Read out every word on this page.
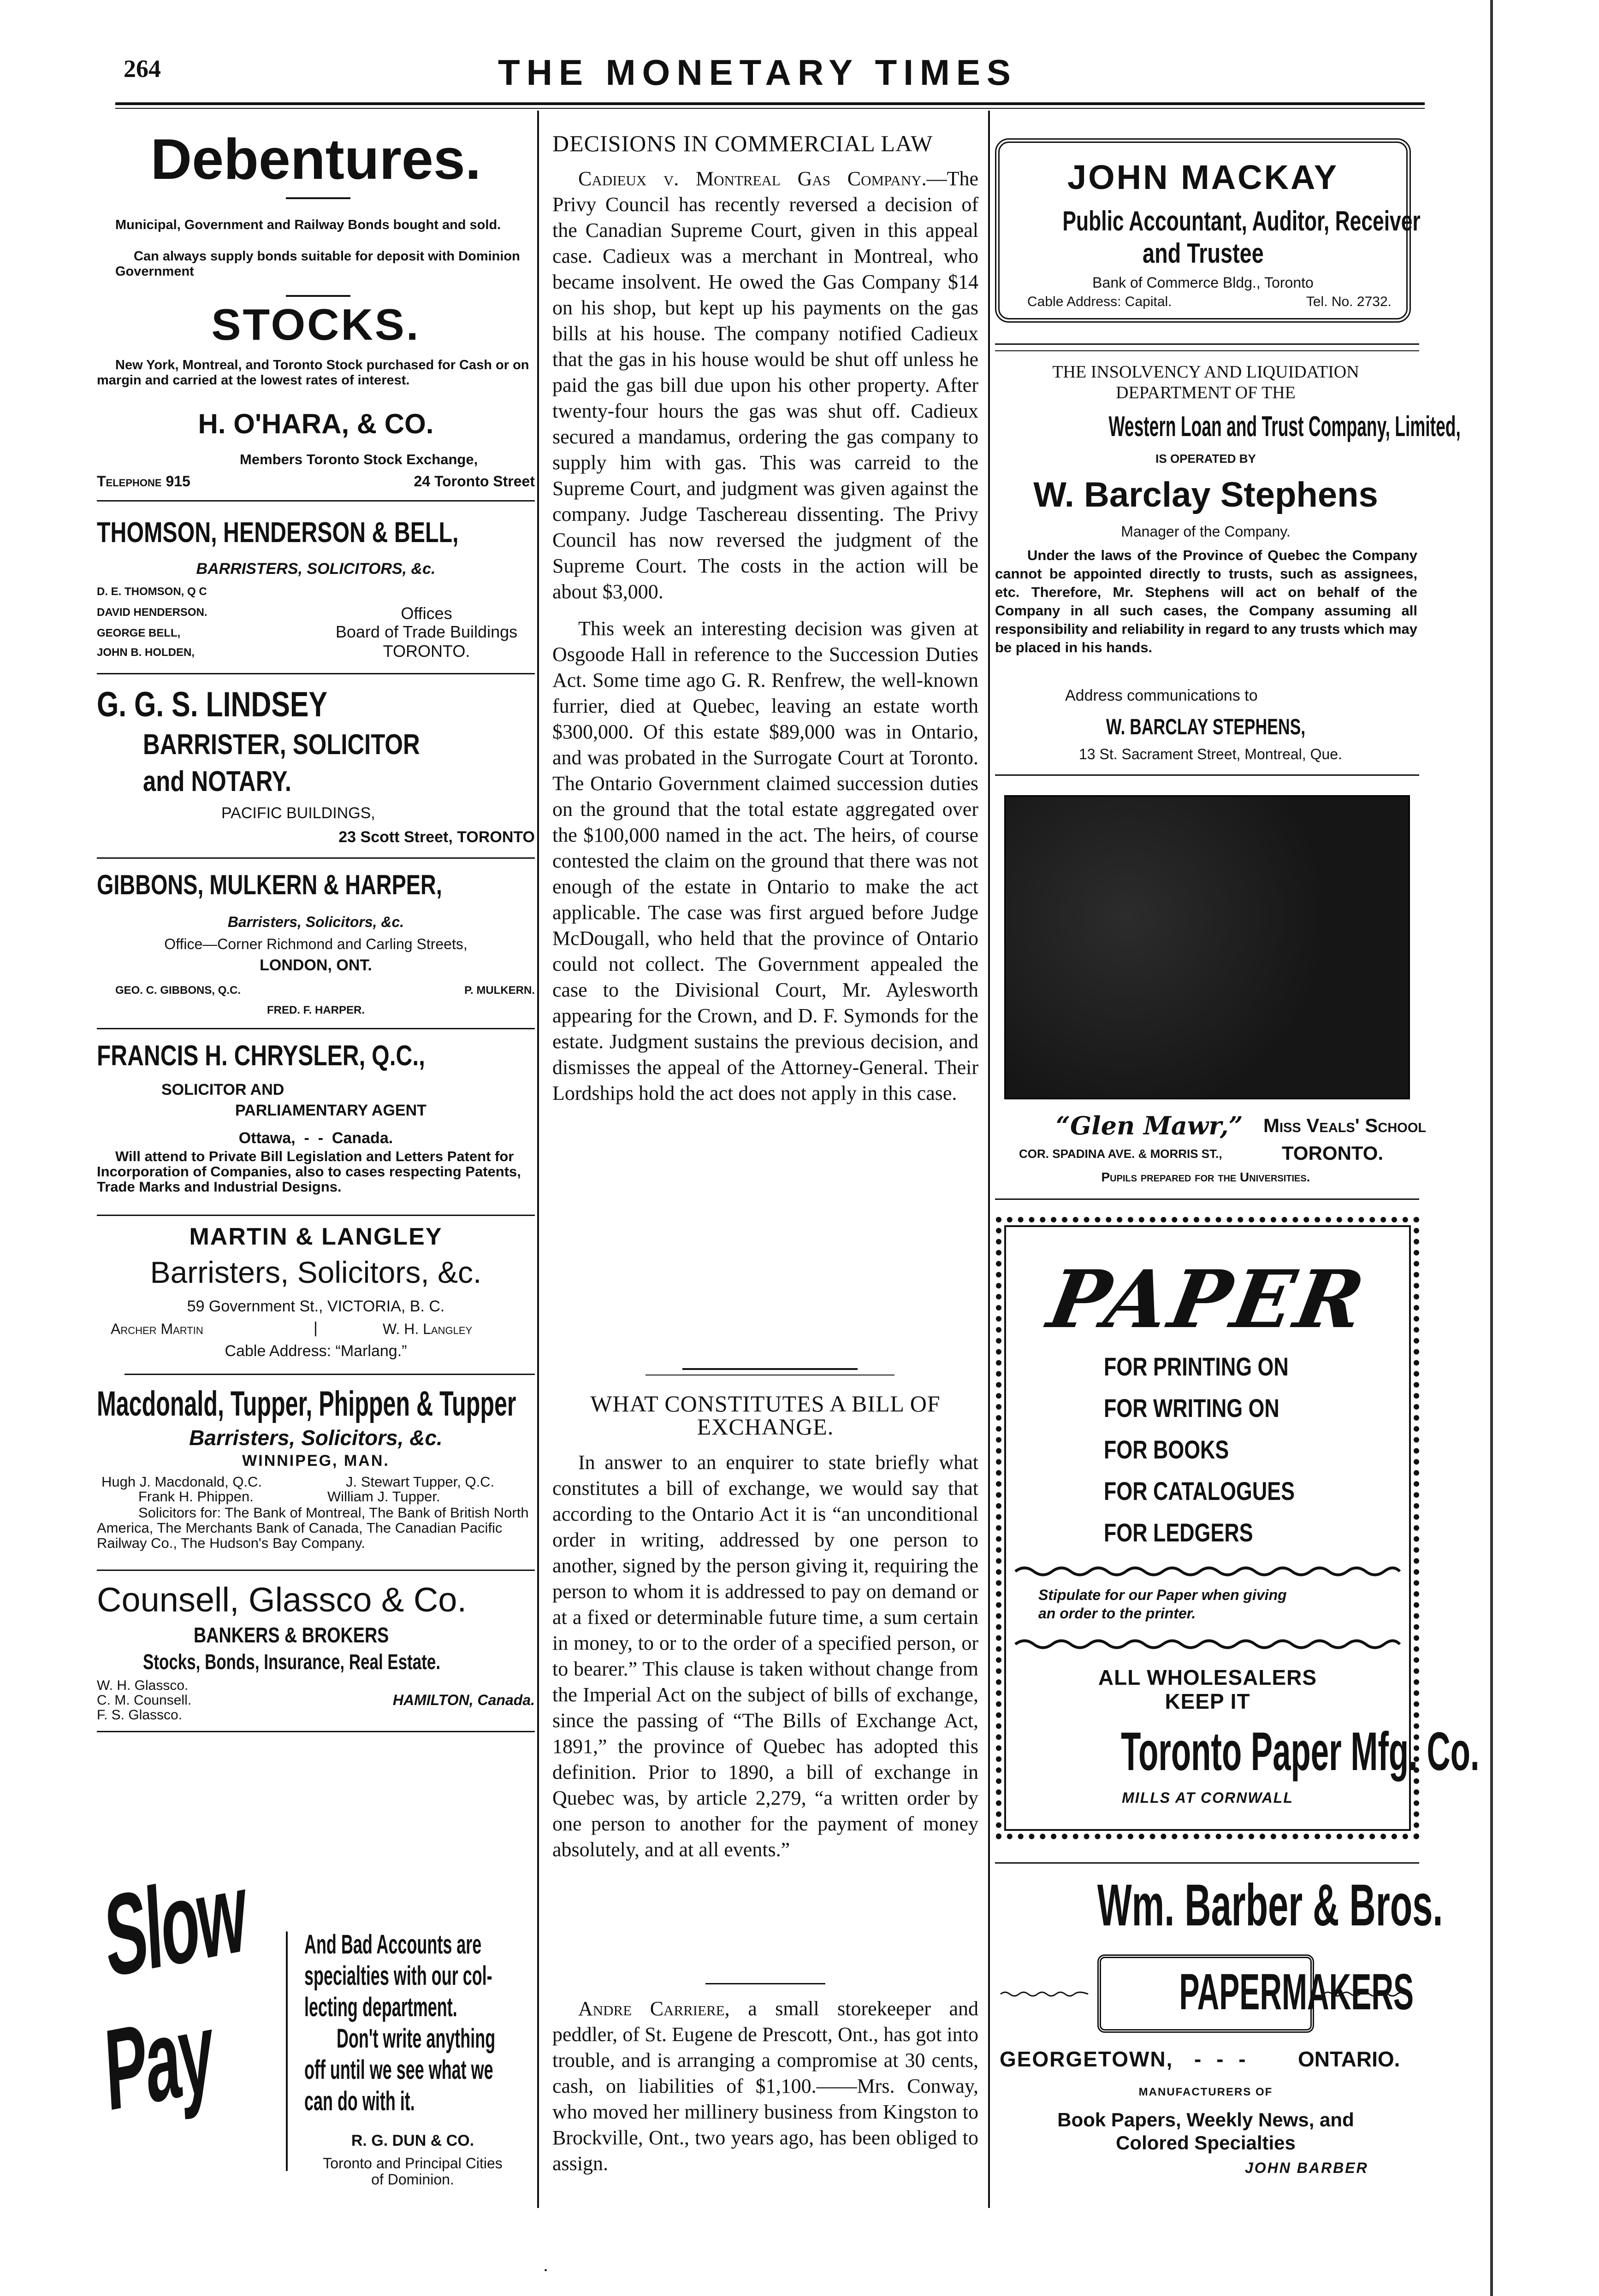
264	THE MONETARY TIMES
Debentures.
Municipal, Government and Railway Bonds bought and sold.
Can always supply bonds suitable for deposit with Dominion Government
STOCKS.
New York, Montreal, and Toronto Stock purchased for Cash or on margin and carried at the lowest rates of interest.
H. O'HARA, & CO.
Members Toronto Stock Exchange,
Telephone 915	24 Toronto Street
THOMSON, HENDERSON & BELL,
BARRISTERS, SOLICITORS, &c.
D. E. THOMSON, Q C
DAVID HENDERSON.
GEORGE BELL,
JOHN B. HOLDEN,
Offices
Board of Trade Buildings
TORONTO.
G. G. S. LINDSEY
BARRISTER, SOLICITOR
and NOTARY.
PACIFIC BUILDINGS,
23 Scott Street, TORONTO
GIBBONS, MULKERN & HARPER,
Barristers, Solicitors, &c.
Office—Corner Richmond and Carling Streets,
LONDON, ONT.
GEO. C. GIBBONS, Q.C.	P. MULKERN.
FRED. F. HARPER.
FRANCIS H. CHRYSLER, Q.C.,
SOLICITOR AND
PARLIAMENTARY AGENT
Ottawa,  -  -  Canada.
Will attend to Private Bill Legislation and Letters Patent for Incorporation of Companies, also to cases respecting Patents, Trade Marks and Industrial Designs.
MARTIN & LANGLEY
Barristers, Solicitors, &c.
59 Government St., VICTORIA, B. C.
Archer Martin	|	W. H. Langley
Cable Address: “Marlang.”
Macdonald, Tupper, Phippen & Tupper
Barristers, Solicitors, &c.
WINNIPEG, MAN.
Hugh J. Macdonald, Q.C.	J. Stewart Tupper, Q.C.
Frank H. Phippen.	William J. Tupper.
Solicitors for: The Bank of Montreal, The Bank of British North America, The Merchants Bank of Canada, The Canadian Pacific Railway Co., The Hudson's Bay Company.
Counsell, Glassco & Co.
BANKERS & BROKERS
Stocks, Bonds, Insurance, Real Estate.
W. H. Glassco.
C. M. Counsell.
F. S. Glassco.
HAMILTON, Canada.
Slow
Pay
And Bad Accounts are
specialties with our col-
lecting department.
Don't write anything
off until we see what we
can do with it.
R. G. DUN & CO.
Toronto and Principal Cities
of Dominion.
DECISIONS IN COMMERCIAL LAW

Cadieux v. Montreal Gas Company.—The Privy Council has recently reversed a decision of the Canadian Supreme Court, given in this appeal case. Cadieux was a merchant in Montreal, who became insolvent. He owed the Gas Company $14 on his shop, but kept up his payments on the gas bills at his house. The company notified Cadieux that the gas in his house would be shut off unless he paid the gas bill due upon his other property. After twenty-four hours the gas was shut off. Cadieux secured a mandamus, ordering the gas company to supply him with gas. This was carreid to the Supreme Court, and judgment was given against the company. Judge Taschereau dissenting. The Privy Council has now reversed the judgment of the Supreme Court. The costs in the action will be about $3,000.

This week an interesting decision was given at Osgoode Hall in reference to the Succession Duties Act. Some time ago G. R. Renfrew, the well-known furrier, died at Quebec, leaving an estate worth $300,000. Of this estate $89,000 was in Ontario, and was probated in the Surrogate Court at Toronto. The Ontario Government claimed succession duties on the ground that the total estate aggregated over the $100,000 named in the act. The heirs, of course contested the claim on the ground that there was not enough of the estate in Ontario to make the act applicable. The case was first argued before Judge McDougall, who held that the province of Ontario could not collect. The Government appealed the case to the Divisional Court, Mr. Aylesworth appearing for the Crown, and D. F. Symonds for the estate. Judgment sustains the previous decision, and dismisses the appeal of the Attorney-General. Their Lordships hold the act does not apply in this case.

WHAT CONSTITUTES A BILL OF EXCHANGE.

In answer to an enquirer to state briefly what constitutes a bill of exchange, we would say that according to the Ontario Act it is “an unconditional order in writing, addressed by one person to another, signed by the person giving it, requiring the person to whom it is addressed to pay on demand or at a fixed or determinable future time, a sum certain in money, to or to the order of a specified person, or to bearer.” This clause is taken without change from the Imperial Act on the subject of bills of exchange, since the passing of “The Bills of Exchange Act, 1891,” the province of Quebec has adopted this definition. Prior to 1890, a bill of exchange in Quebec was, by article 2,279, “a written order by one person to another for the payment of money absolutely, and at all events.”

Andre Carriere, a small storekeeper and peddler, of St. Eugene de Prescott, Ont., has got into trouble, and is arranging a compromise at 30 cents, cash, on liabilities of $1,100.——Mrs. Conway, who moved her millinery business from Kingston to Brockville, Ont., two years ago, has been obliged to assign.

JOHN MACKAY
Public Accountant, Auditor, Receiver
and Trustee
Bank of Commerce Bldg., Toronto
Cable Address: Capital.	Tel. No. 2732.
THE INSOLVENCY AND LIQUIDATION
DEPARTMENT OF THE
Western Loan and Trust Company, Limited,
IS OPERATED BY
W. Barclay Stephens
Manager of the Company.
Under the laws of the Province of Quebec the Company cannot be appointed directly to trusts, such as assignees, etc. Therefore, Mr. Stephens will act on behalf of the Company in all such cases, the Company assuming all responsibility and reliability in regard to any trusts which may be placed in his hands.
Address communications to
W. BARCLAY STEPHENS,
13 St. Sacrament Street, Montreal, Que.
“Glen Mawr,” Miss Veals' School
COR. SPADINA AVE. & MORRIS ST.,	TORONTO.
Pupils prepared for the Universities.
PAPER
FOR PRINTING ON
FOR WRITING ON
FOR BOOKS
FOR CATALOGUES
FOR LEDGERS
Stipulate for our Paper when giving
an order to the printer.
ALL WHOLESALERS
KEEP IT
Toronto Paper Mfg. Co.
MILLS AT CORNWALL
Wm. Barber & Bros.
PAPERMAKERS
GEORGETOWN, - - - ONTARIO.
MANUFACTURERS OF
Book Papers, Weekly News, and
Colored Specialties
JOHN BARBER
•
